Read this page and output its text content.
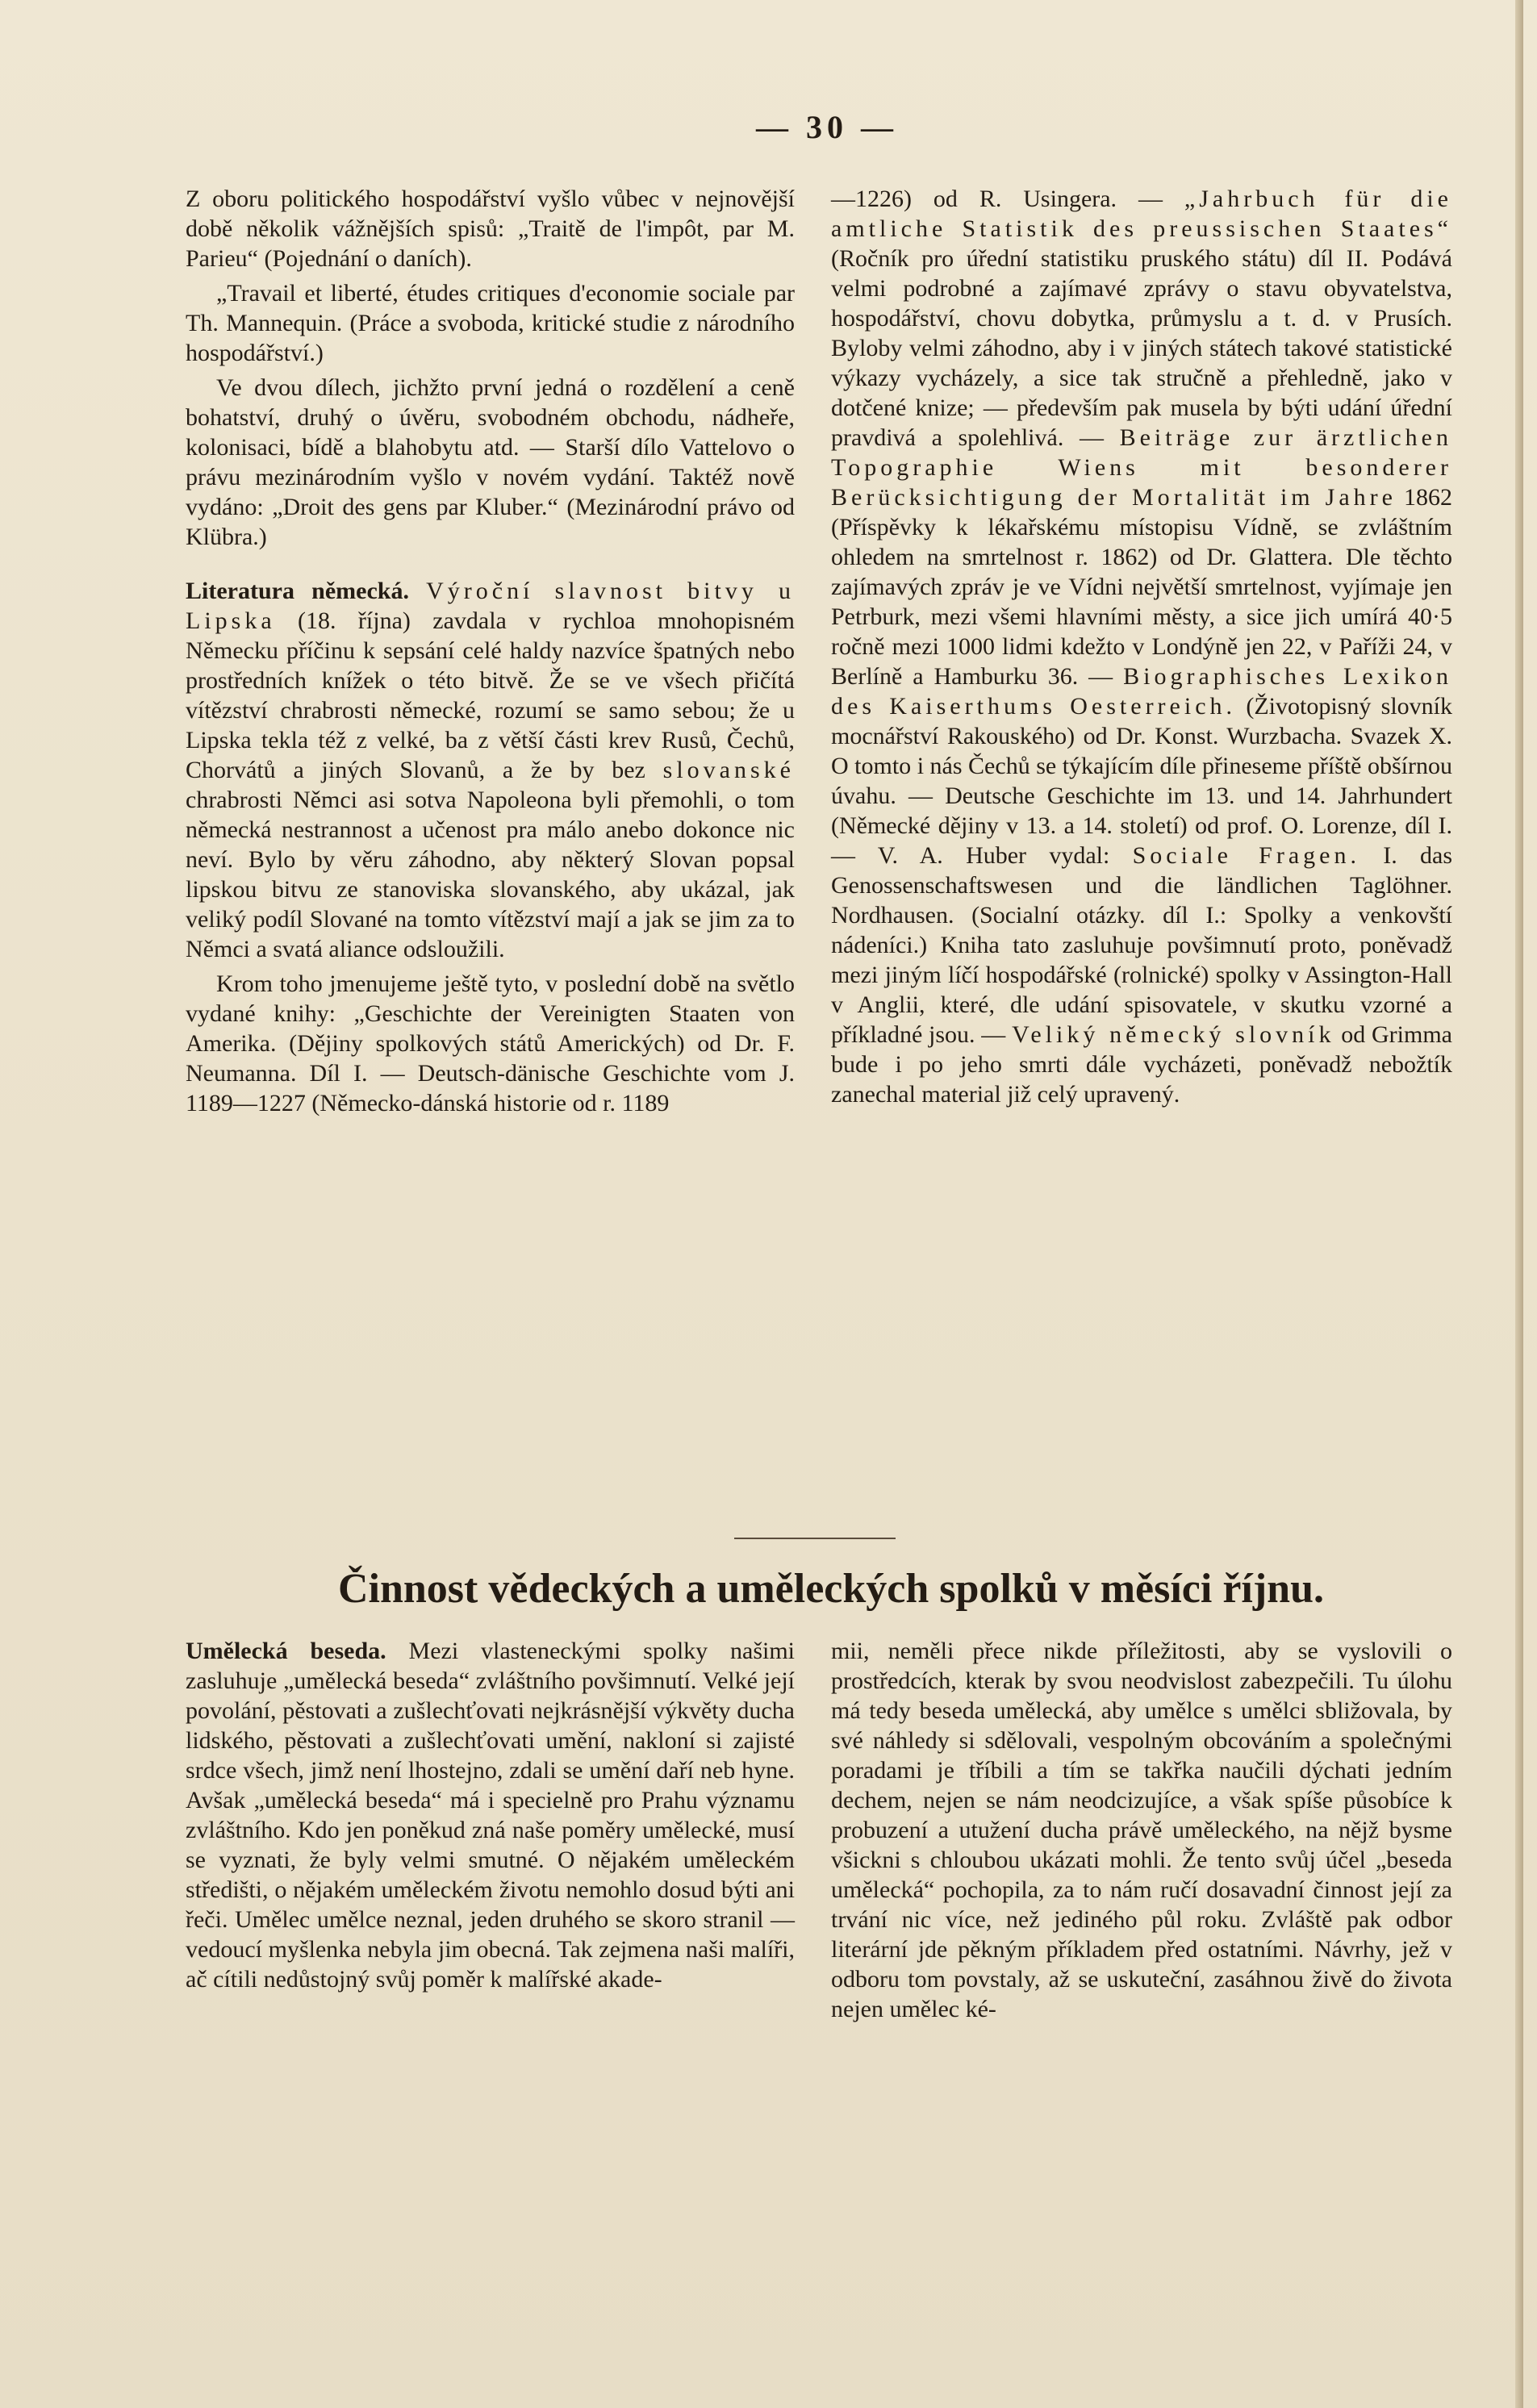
— 30 —

Z oboru politického hospodářství vyšlo vůbec v nejnovější době několik vážnějších spisů: „Traitě de l'impôt, par M. Parieu“ (Pojednání o daních).

„Travail et liberté, études critiques d'economie sociale par Th. Mannequin. (Práce a svoboda, kritické studie z národního hospodářství.)

Ve dvou dílech, jichžto první jedná o rozdělení a ceně bohatství, druhý o úvěru, svobodném obchodu, nádheře, kolonisaci, bídě a blahobytu atd. — Starší dílo Vattelovo o právu mezinárodním vyšlo v novém vydání. Taktéž nově vydáno: „Droit des gens par Kluber.“ (Mezinárodní právo od Klübra.)

Literatura německá. Výroční slavnost bitvy u Lipska (18. října) zavdala v rychloa mnohopisném Německu příčinu k sepsání celé haldy nazvíce špatných nebo prostředních knížek o této bitvě. Že se ve všech přičítá vítězství chrabrosti německé, rozumí se samo sebou; že u Lipska tekla též z velké, ba z větší části krev Rusů, Čechů, Chorvátů a jiných Slovanů, a že by bez slovanské chrabrosti Němci asi sotva Napoleona byli přemohli, o tom německá nestrannost a učenost pra málo anebo dokonce nic neví. Bylo by věru záhodno, aby některý Slovan popsal lipskou bitvu ze stanoviska slovanského, aby ukázal, jak veliký podíl Slované na tomto vítězství mají a jak se jim za to Němci a svatá aliance odsloužili.

Krom toho jmenujeme ještě tyto, v poslední době na světlo vydané knihy: „Geschichte der Vereinigten Staaten von Amerika. (Dějiny spolkových států Amerických) od Dr. F. Neumanna. Díl I. — Deutsch-dänische Geschichte vom J. 1189—1227 (Německo-dánská historie od r. 1189

—1226) od R. Usingera. — „Jahrbuch für die amtliche Statistik des preussischen Staates“ (Ročník pro úřední statistiku pruského státu) díl II. Podává velmi podrobné a zajímavé zprávy o stavu obyvatelstva, hospodářství, chovu dobytka, průmyslu a t. d. v Prusích. Byloby velmi záhodno, aby i v jiných státech takové statistické výkazy vycházely, a sice tak stručně a přehledně, jako v dotčené knize; — především pak musela by býti udání úřední pravdivá a spolehlivá. — Beiträge zur ärztlichen Topographie Wiens mit besonderer Berücksichtigung der Mortalität im Jahre 1862 (Příspěvky k lékařskému místopisu Vídně, se zvláštním ohledem na smrtelnost r. 1862) od Dr. Glattera. Dle těchto zajímavých zpráv je ve Vídni největší smrtelnost, vyjímaje jen Petrburk, mezi všemi hlavními městy, a sice jich umírá 40·5 ročně mezi 1000 lidmi kdežto v Londýně jen 22, v Paříži 24, v Berlíně a Hamburku 36. — Biographisches Lexikon des Kaiserthums Oesterreich. (Životopisný slovník mocnářství Rakouského) od Dr. Konst. Wurzbacha. Svazek X. O tomto i nás Čechů se týkajícím díle přineseme příště obšírnou úvahu. — Deutsche Geschichte im 13. und 14. Jahrhundert (Německé dějiny v 13. a 14. století) od prof. O. Lorenze, díl I. — V. A. Huber vydal: Sociale Fragen. I. das Genossenschaftswesen und die ländlichen Taglöhner. Nordhausen. (Socialní otázky. díl I.: Spolky a venkovští nádeníci.) Kniha tato zasluhuje povšimnutí proto, poněvadž mezi jiným líčí hospodářské (rolnické) spolky v Assington-Hall v Anglii, které, dle udání spisovatele, v skutku vzorné a příkladné jsou. — Veliký německý slovník od Grimma bude i po jeho smrti dále vycházeti, poněvadž nebožtík zanechal material již celý upravený.

Činnost vědeckých a uměleckých spolků v měsíci říjnu.

Umělecká beseda. Mezi vlasteneckými spolky našimi zasluhuje „umělecká beseda“ zvláštního povšimnutí. Velké její povolání, pěstovati a zušlechťovati nejkrásnější výkvěty ducha lidského, pěstovati a zušlechťovati umění, nakloní si zajisté srdce všech, jimž není lhostejno, zdali se umění daří neb hyne. Avšak „umělecká beseda“ má i specielně pro Prahu významu zvláštního. Kdo jen poněkud zná naše poměry umělecké, musí se vyznati, že byly velmi smutné. O nějakém uměleckém středišti, o nějakém uměleckém životu nemohlo dosud býti ani řeči. Umělec umělce neznal, jeden druhého se skoro stranil — vedoucí myšlenka nebyla jim obecná. Tak zejmena naši malíři, ač cítili nedůstojný svůj poměr k malířské akade-

mii, neměli přece nikde příležitosti, aby se vyslovili o prostředcích, kterak by svou neodvislost zabezpečili. Tu úlohu má tedy beseda umělecká, aby umělce s umělci sbližovala, by své náhledy si sdělovali, vespolným obcováním a společnými poradami je tříbili a tím se takřka naučili dýchati jedním dechem, nejen se nám neodcizujíce, a však spíše působíce k probuzení a utužení ducha právě uměleckého, na nějž bysme všickni s chloubou ukázati mohli. Že tento svůj účel „beseda umělecká“ pochopila, za to nám ručí dosavadní činnost její za trvání nic více, než jediného půl roku. Zvláště pak odbor literární jde pěkným příkladem před ostatními. Návrhy, jež v odboru tom povstaly, až se uskuteční, zasáhnou živě do života nejen umělec ké-
